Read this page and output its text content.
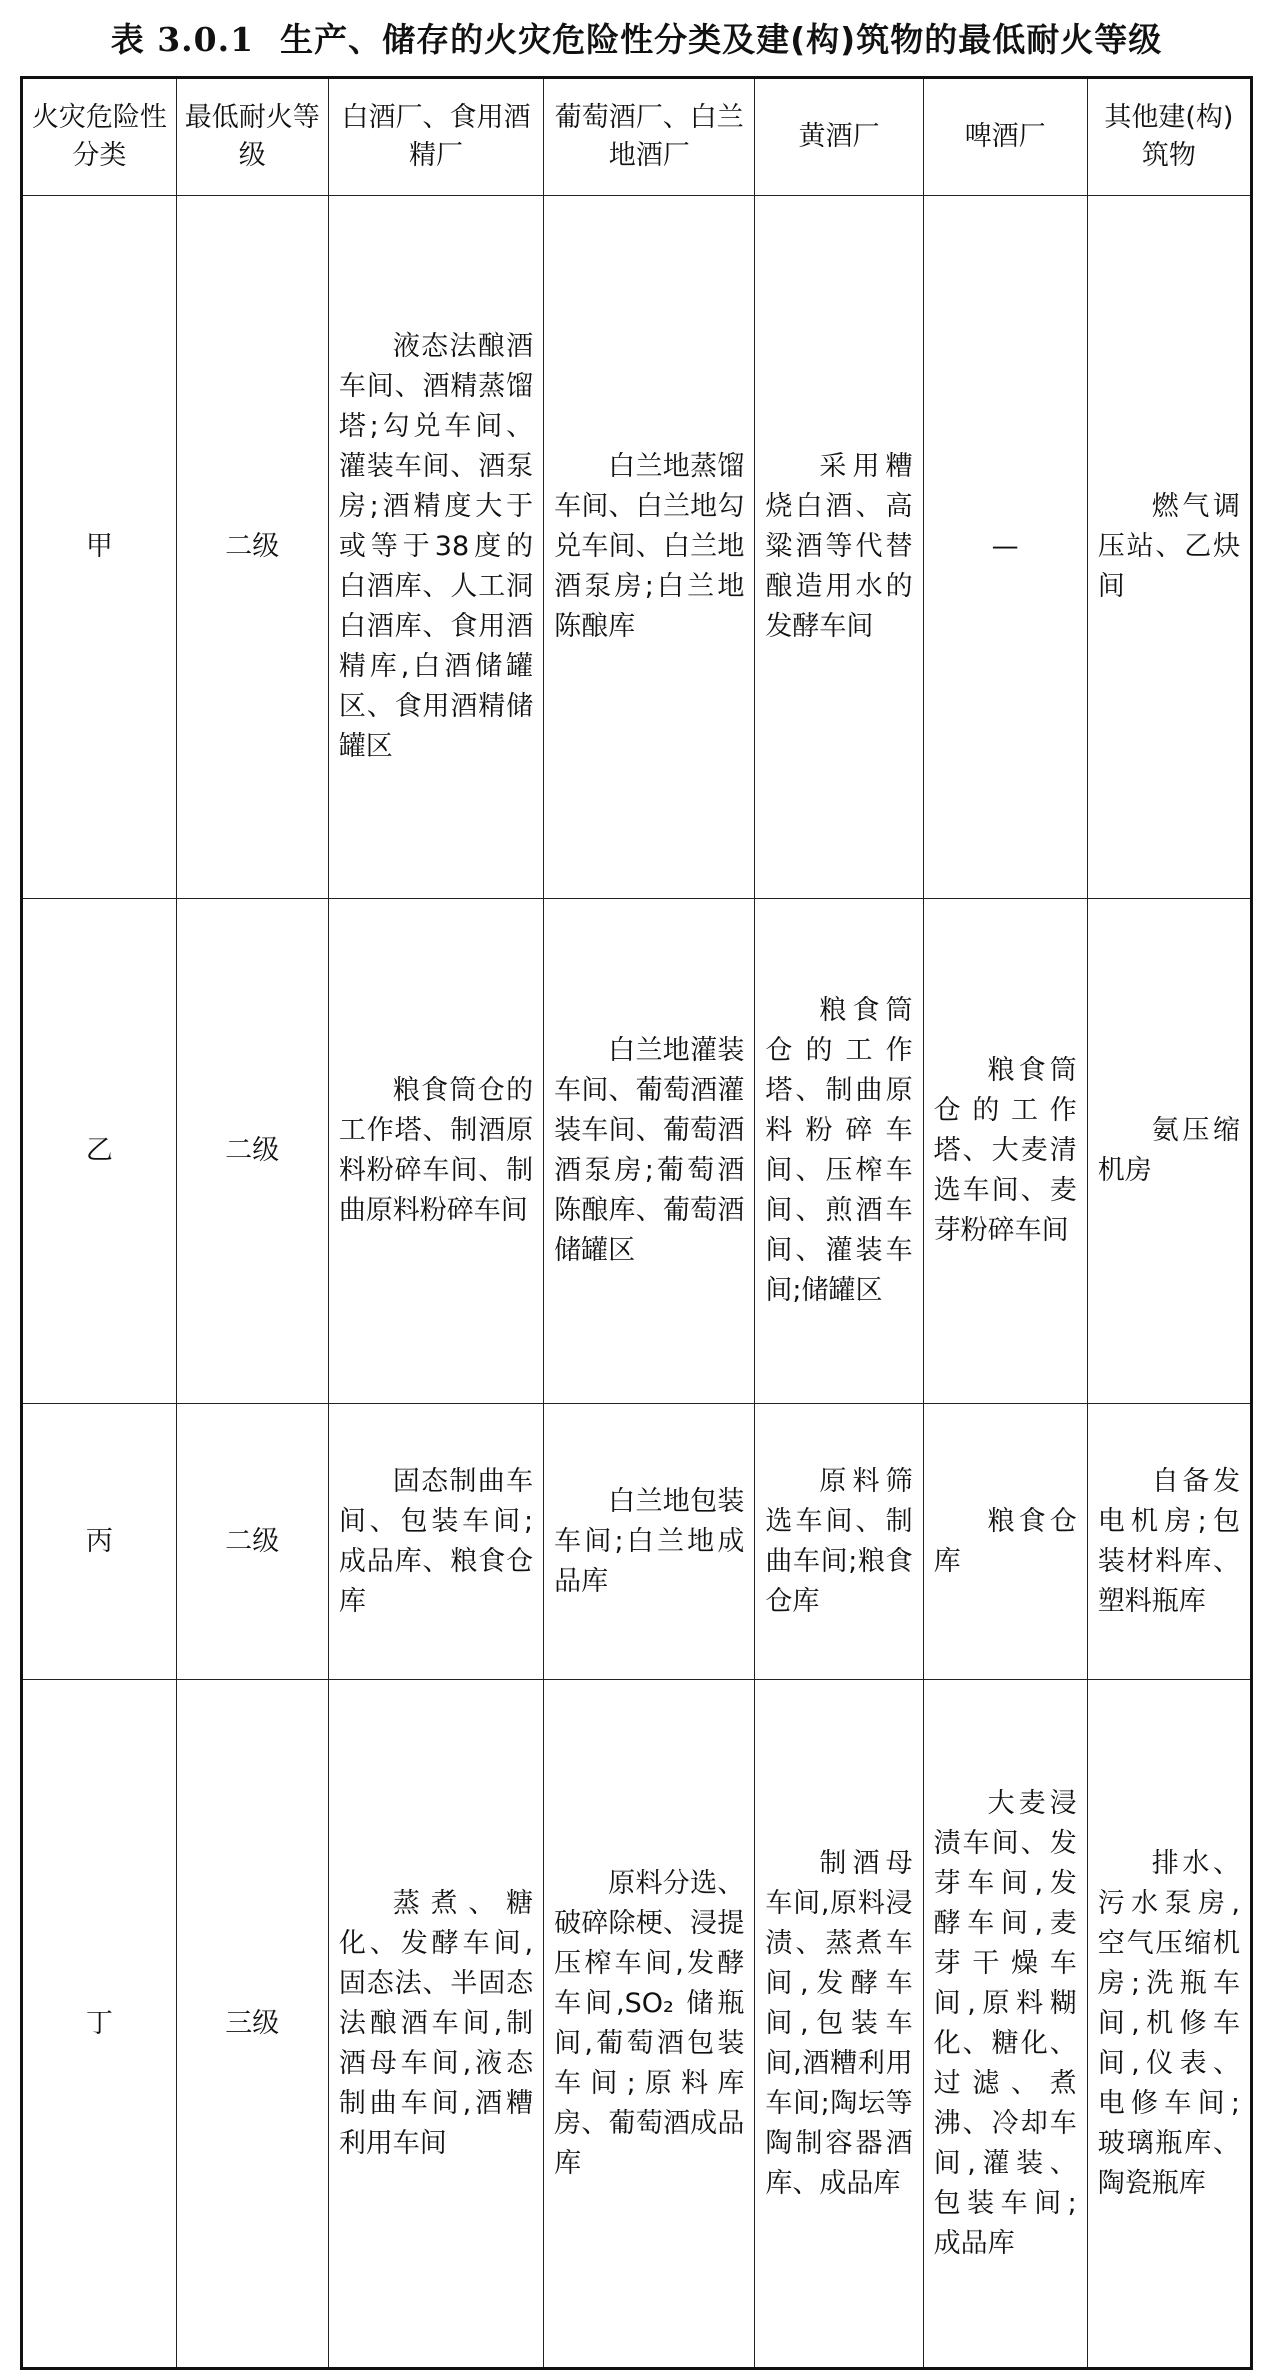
表 3.0.1 生产、储存的火灾危险性分类及建(构)筑物的最低耐火等级
火灾危险性分类	最低耐火等级	白酒厂、食用酒精厂	葡萄酒厂、白兰地酒厂	黄酒厂	啤酒厂	其他建(构)筑物
甲	二级	液态法酿酒车间、酒精蒸馏塔;勾兑车间、灌装车间、酒泵房;酒精度大于或等于38度的白酒库、人工洞白酒库、食用酒精库,白酒储罐区、食用酒精储罐区	白兰地蒸馏车间、白兰地勾兑车间、白兰地酒泵房;白兰地陈酿库	采用糟烧白酒、高粱酒等代替酿造用水的发酵车间	—	燃气调压站、乙炔间
乙	二级	粮食筒仓的工作塔、制酒原料粉碎车间、制曲原料粉碎车间	白兰地灌装车间、葡萄酒灌装车间、葡萄酒酒泵房;葡萄酒陈酿库、葡萄酒储罐区	粮食筒仓的工作塔、制曲原料粉碎车间、压榨车间、煎酒车间、灌装车间;储罐区	粮食筒仓的工作塔、大麦清选车间、麦芽粉碎车间	氨压缩机房
丙	二级	固态制曲车间、包装车间;成品库、粮食仓库	白兰地包装车间;白兰地成品库	原料筛选车间、制曲车间;粮食仓库	粮食仓库	自备发电机房;包装材料库、塑料瓶库
丁	三级	蒸煮、糖化、发酵车间,固态法、半固态法酿酒车间,制酒母车间,液态制曲车间,酒糟利用车间	原料分选、破碎除梗、浸提压榨车间,发酵车间,SO₂ 储瓶间,葡萄酒包装车间;原料库房、葡萄酒成品库	制酒母车间,原料浸渍、蒸煮车间,发酵车间,包装车间,酒糟利用车间;陶坛等陶制容器酒库、成品库	大麦浸渍车间、发芽车间,发酵车间,麦芽干燥车间,原料糊化、糖化、过滤、煮沸、冷却车间,灌装、包装车间;成品库	排水、污水泵房,空气压缩机房;洗瓶车间,机修车间,仪表、电修车间;玻璃瓶库、陶瓷瓶库
